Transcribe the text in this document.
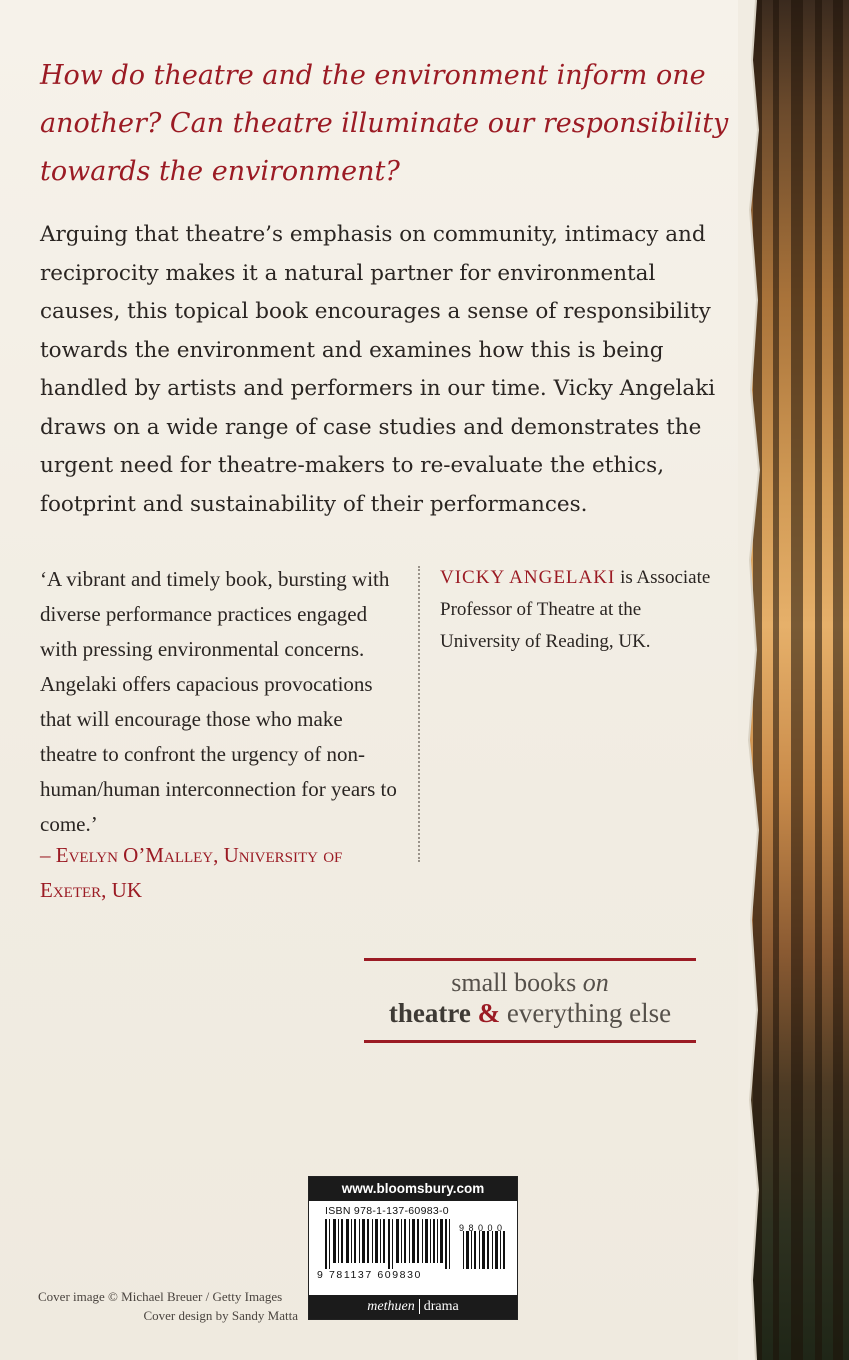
How do theatre and the environment inform one another? Can theatre illuminate our responsibility towards the environment?

Arguing that theatre’s emphasis on community, intimacy and reciprocity makes it a natural partner for environmental causes, this topical book encourages a sense of responsibility towards the environment and examines how this is being handled by artists and performers in our time. Vicky Angelaki draws on a wide range of case studies and demonstrates the urgent need for theatre-makers to re-evaluate the ethics, footprint and sustainability of their performances.

‘A vibrant and timely book, bursting with diverse performance practices engaged with pressing environmental concerns. Angelaki offers capacious provocations that will encourage those who make theatre to confront the urgency of non-human/human interconnection for years to come.’

– Evelyn O’Malley, University of Exeter, UK

VICKY ANGELAKI is Associate Professor of Theatre at the University of Reading, UK.

small books on

theatre & everything else

Cover image © Michael Breuer / Getty Images
Cover design by Sandy Matta

www.bloomsbury.com
ISBN 978-1-137-60983-0
9 8 0 0 0
9 781137 609830
methuen drama
